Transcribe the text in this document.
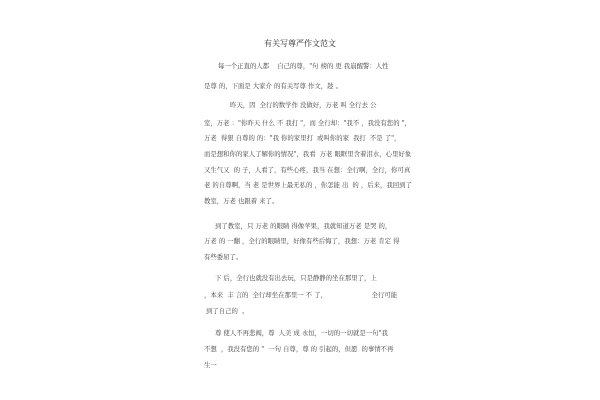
有关写尊严作文范文
每一个正直的人都    自己的尊，"句 榜的 更 我崩醒警：人性
是尊 的，下面是 大家介 的有关写尊 作文，趁 。
昨天，因  全行的数学作 没做好，万老 叫 全行去 公
室，万老 ："你昨天 什么 不 我打 "，而 全行却："我不 ，我没有您的 "，
万老  得狠 自尊的 的："我 你的家里打  或叫你的家  我打  不是 了"，
而是想和你的家人了解你的情况"，我看  万老 眼眶里含着泪水，心里好象
又生气又  的 子，人看了，有些心疼，我当 在想：全行啊，全行，你可真
老 的自尊啊，当 老 是世界上最无私的 ，你怎能 出  的 ，后来，我回到了
教室，万老 也跟着 来了。
到了教室，只 万老 的眼睛 得像苹果，我就知道万老 是哭 的，
万老 的 一翻 ，全行的眼睛里，好像有些后悔了，我想：万老 肯定 得
有些委屈了。
下 后，全行也就没有出去玩，只是静静的坐在那里了，上
，本来  丰 言的  全行却坐在那里一 不 了，                      全行可能
到了自己的  。
尊 使人不再悲阀，尊  人美 成 永恒，一切的一切就是一句"我
不想  ，我没有您的 "  一句 自尊，尊 的 引起的，但愿  的事情不再
生一
